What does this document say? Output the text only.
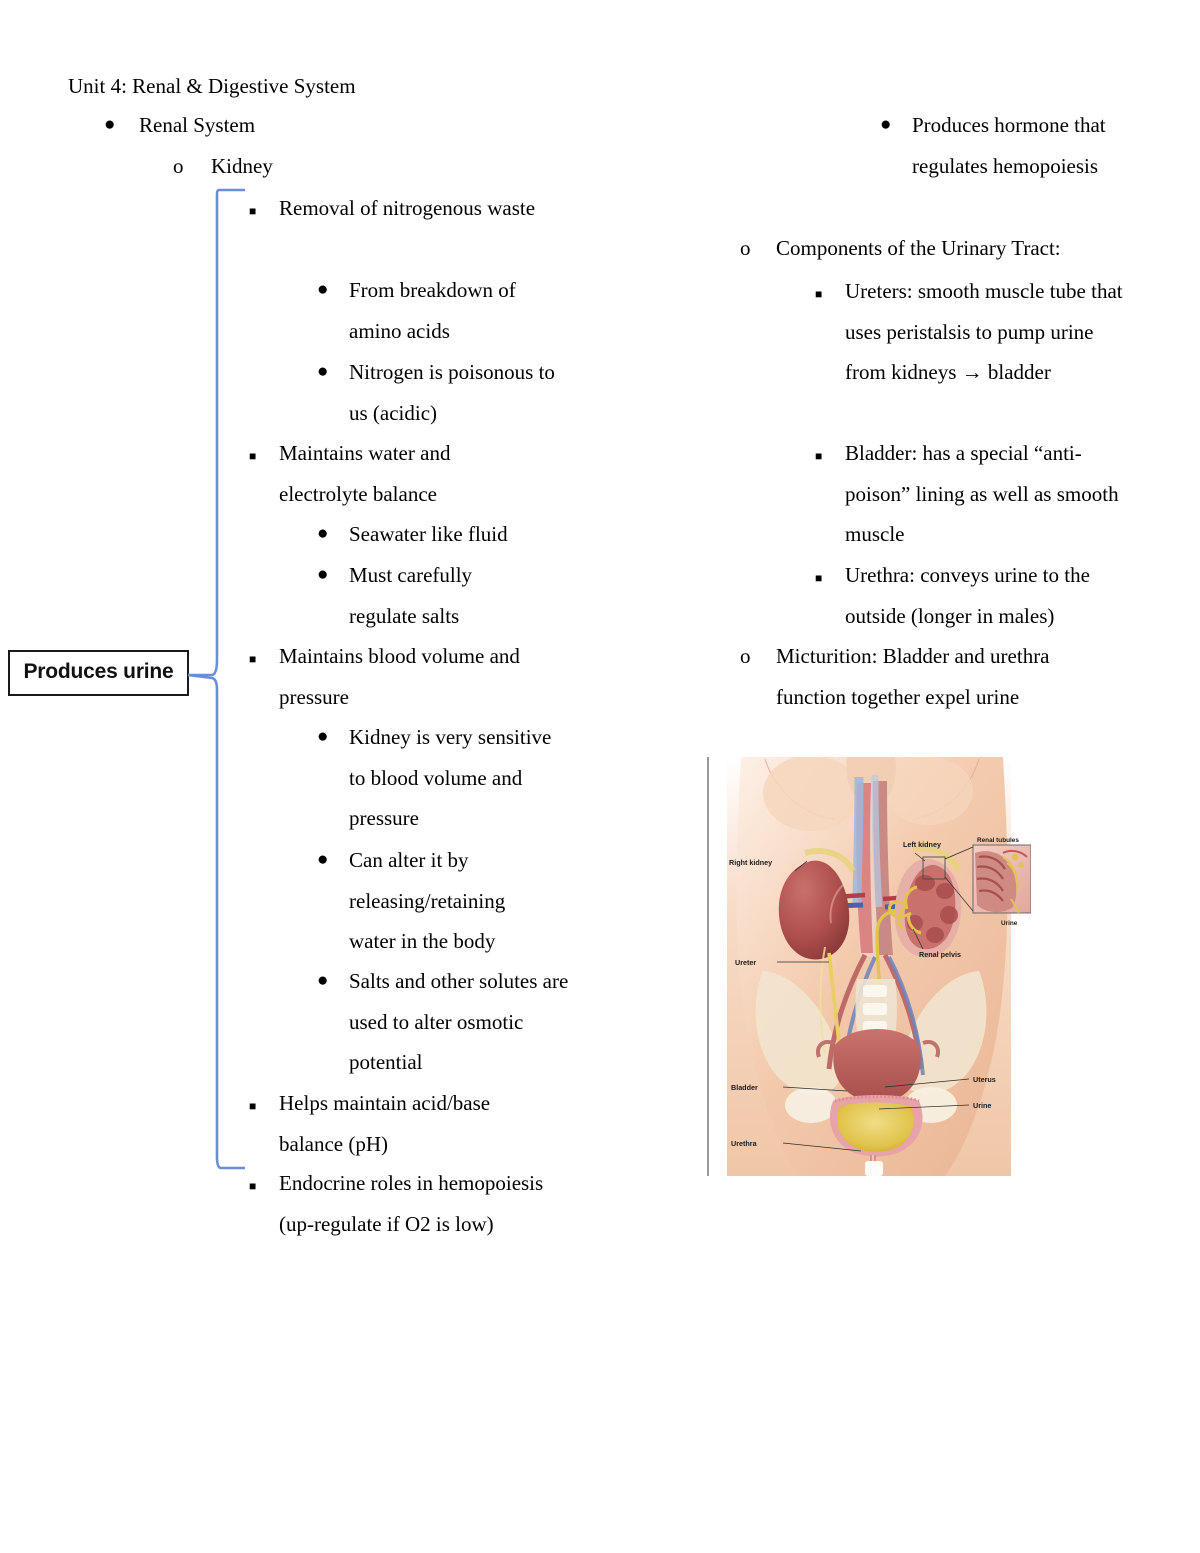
Unit 4: Renal & Digestive System
● Renal System
o Kidney
■ Removal of nitrogenous waste
● From breakdown of amino acids
● Nitrogen is poisonous to us (acidic)
■ Maintains water and electrolyte balance
● Seawater like fluid
● Must carefully regulate salts
■ Maintains blood volume and pressure
● Kidney is very sensitive to blood volume and pressure
● Can alter it by releasing/retaining water in the body
● Salts and other solutes are used to alter osmotic potential
■ Helps maintain acid/base balance (pH)
■ Endocrine roles in hemopoiesis (up-regulate if O2 is low)
● Produces hormone that regulates hemopoiesis
o Components of the Urinary Tract:
■ Ureters: smooth muscle tube that uses peristalsis to pump urine from kidneys → bladder
■ Bladder: has a special “anti-poison” lining as well as smooth muscle
■ Urethra: conveys urine to the outside (longer in males)
o Micturition: Bladder and urethra function together expel urine
Produces urine
Right kidney
Left kidney	Renal tubules
Urine
Ureter
Renal pelvis
Bladder
Uterus
Urine
Urethra
